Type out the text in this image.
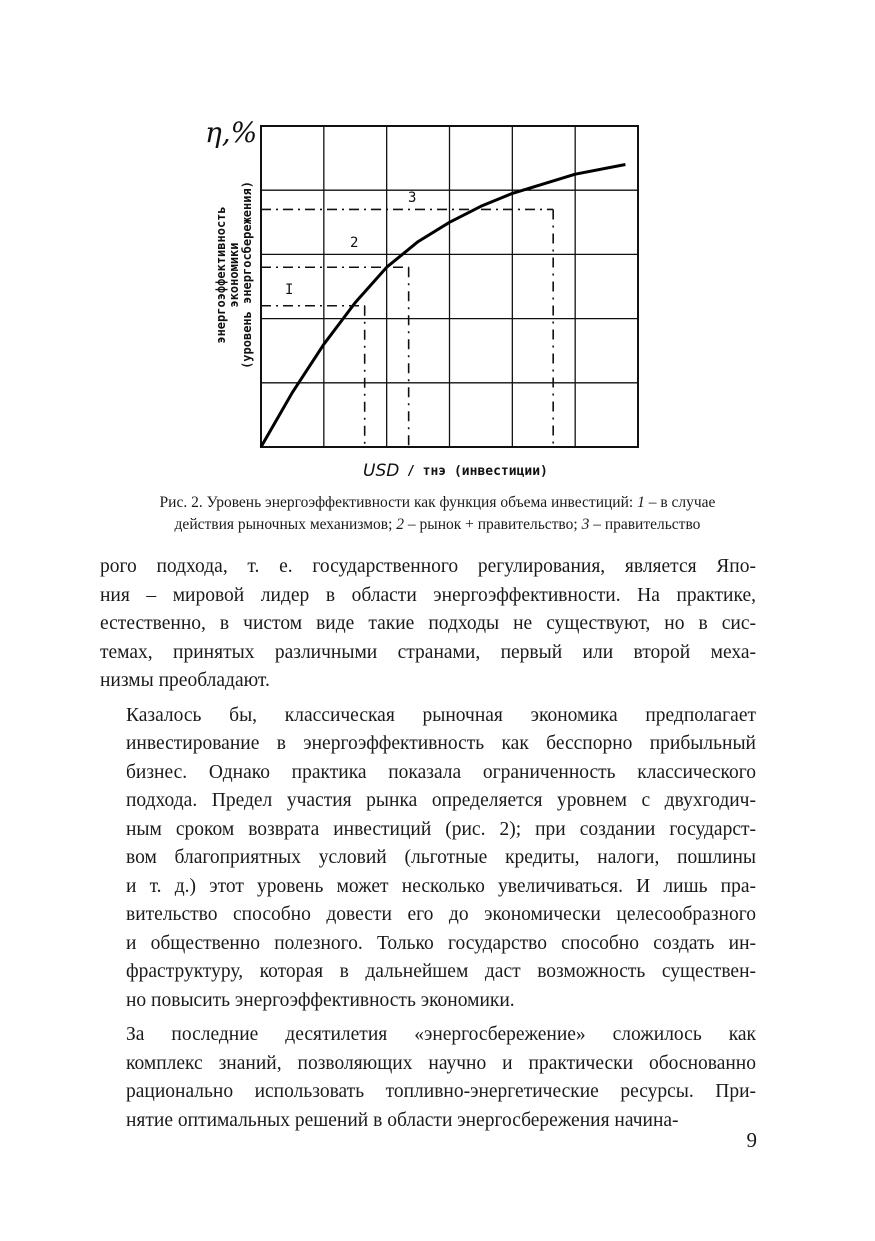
η,%
энергоэффективность экономики (уровень энергосбережения) I
2
3
USD / тнэ (инвестиции)
Рис. 2. Уровень энергоэффективности как функция объема инвестиций: 1 – в случае
действия рыночных механизмов; 2 – рынок + правительство; 3 – правительство

рого подхода, т. е. государственного регулирования, является Япо-
ния – мировой лидер в области энергоэффективности. На практике,
естественно, в чистом виде такие подходы не существуют, но в сис-
темах, принятых различными странами, первый или второй меха-
низмы преобладают.

Казалось бы, классическая рыночная экономика предполагает
инвестирование в энергоэффективность как бесспорно прибыльный
бизнес. Однако практика показала ограниченность классического
подхода. Предел участия рынка определяется уровнем с двухгодич-
ным сроком возврата инвестиций (рис. 2); при создании государст-
вом благоприятных условий (льготные кредиты, налоги, пошлины
и т. д.) этот уровень может несколько увеличиваться. И лишь пра-
вительство способно довести его до экономически целесообразного
и общественно полезного. Только государство способно создать ин-
фраструктуру, которая в дальнейшем даст возможность существен-
но повысить энергоэффективность экономики.

За последние десятилетия «энергосбережение» сложилось как
комплекс знаний, позволяющих научно и практически обоснованно
рационально использовать топливно-энергетические ресурсы. При-
нятие оптимальных решений в области энергосбережения начина-

9
